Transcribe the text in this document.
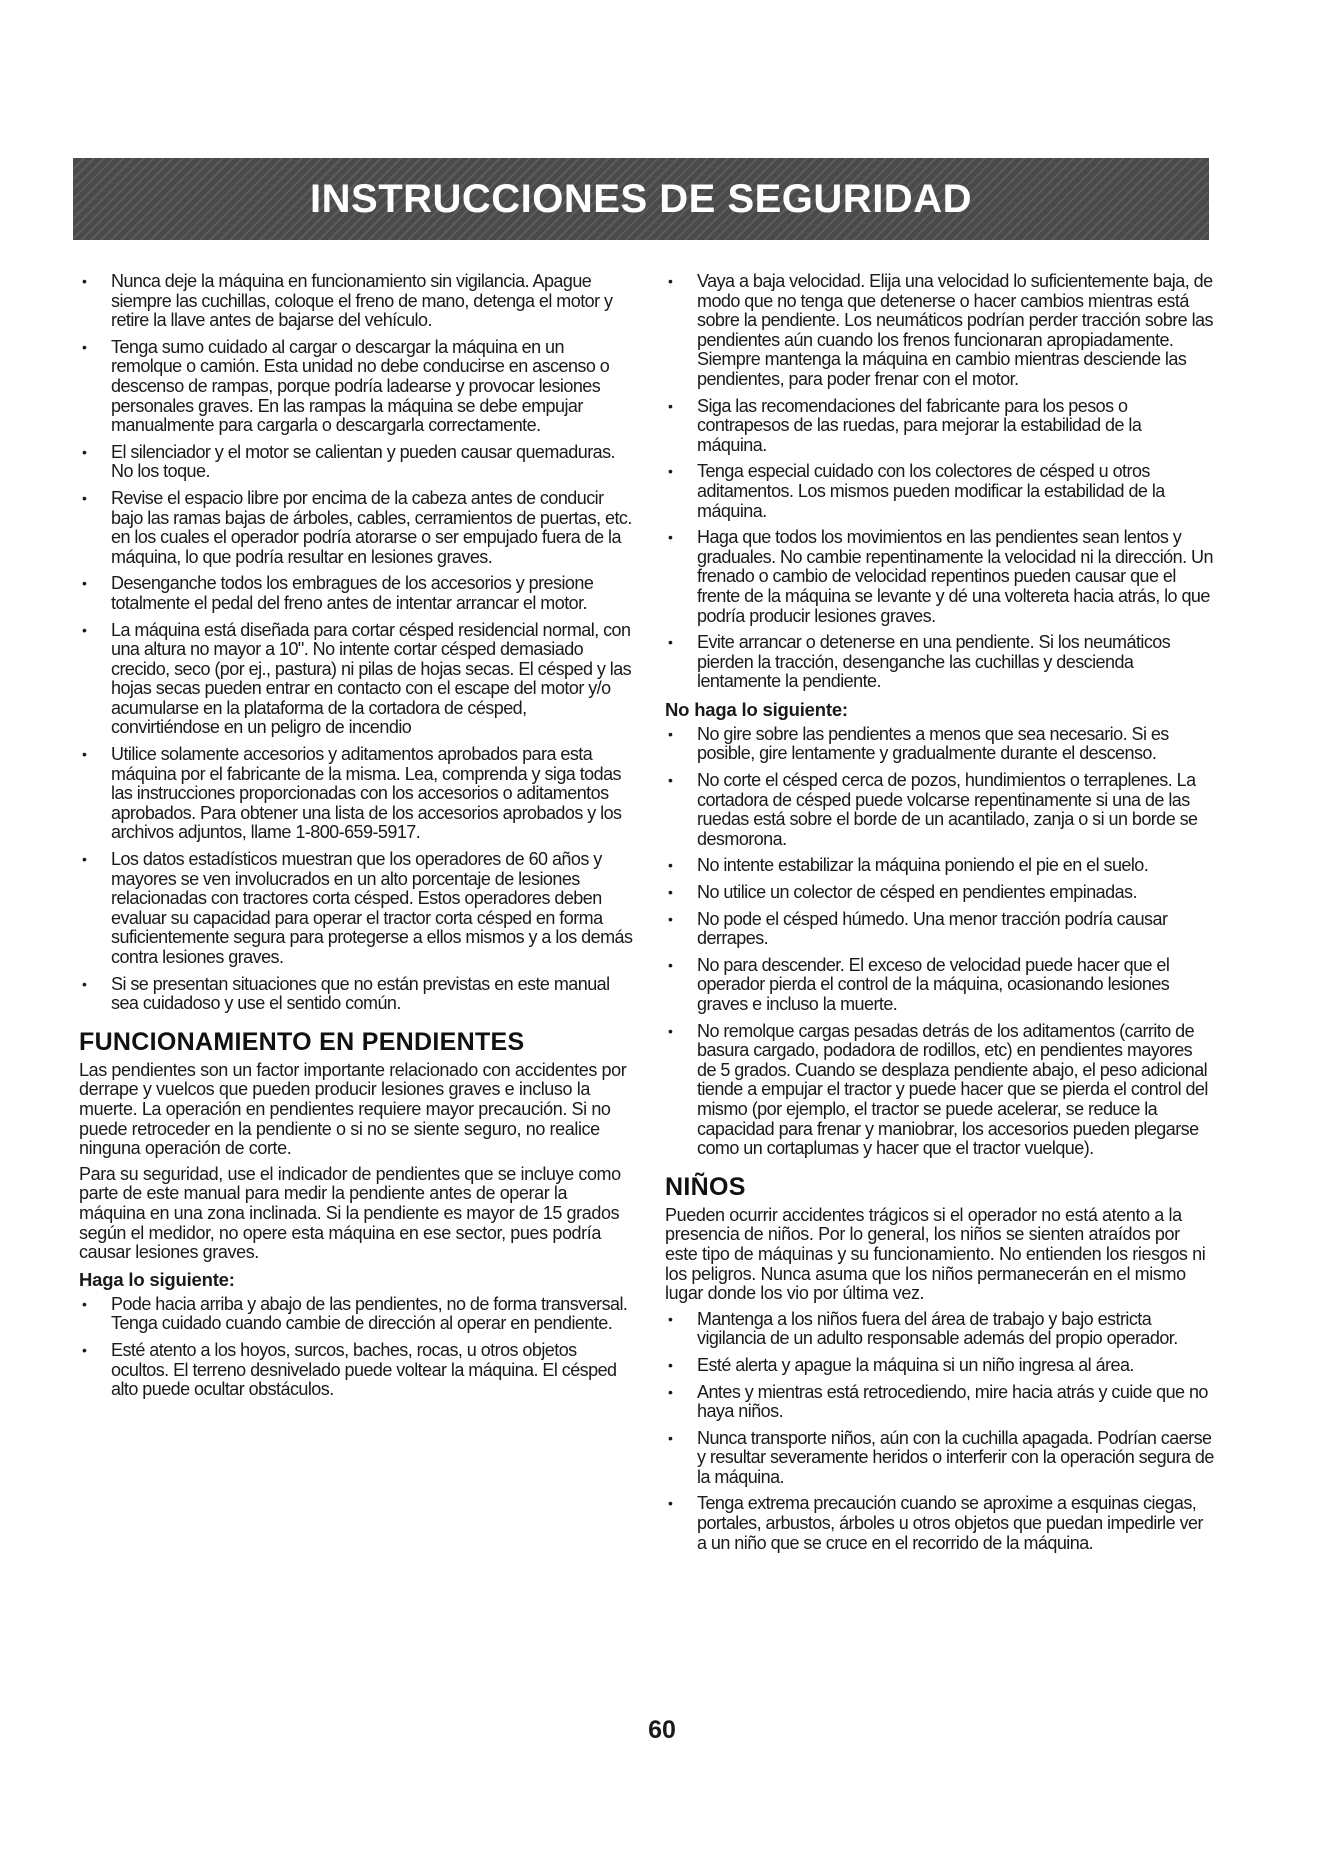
INSTRUCCIONES DE SEGURIDAD
• Nunca deje la máquina en funcionamiento sin vigilancia. Apague siempre las cuchillas, coloque el freno de mano, detenga el motor y retire la llave antes de bajarse del vehículo.
• Tenga sumo cuidado al cargar o descargar la máquina en un remolque o camión. Esta unidad no debe conducirse en ascenso o descenso de rampas, porque podría ladearse y provocar lesiones personales graves. En las rampas la máquina se debe empujar manualmente para cargarla o descargarla correctamente.
• El silenciador y el motor se calientan y pueden causar quemaduras. No los toque.
• Revise el espacio libre por encima de la cabeza antes de conducir bajo las ramas bajas de árboles, cables, cerramientos de puertas, etc. en los cuales el operador podría atorarse o ser empujado fuera de la máquina, lo que podría resultar en lesiones graves.
• Desenganche todos los embragues de los accesorios y presione totalmente el pedal del freno antes de intentar arrancar el motor.
• La máquina está diseñada para cortar césped residencial normal, con una altura no mayor a 10". No intente cortar césped demasiado crecido, seco (por ej., pastura) ni pilas de hojas secas. El césped y las hojas secas pueden entrar en contacto con el escape del motor y/o acumularse en la plataforma de la cortadora de césped, convirtiéndose en un peligro de incendio
• Utilice solamente accesorios y aditamentos aprobados para esta máquina por el fabricante de la misma. Lea, comprenda y siga todas las instrucciones proporcionadas con los accesorios o aditamentos aprobados. Para obtener una lista de los accesorios aprobados y los archivos adjuntos, llame 1-800-659-5917.
• Los datos estadísticos muestran que los operadores de 60 años y mayores se ven involucrados en un alto porcentaje de lesiones relacionadas con tractores corta césped. Estos operadores deben evaluar su capacidad para operar el tractor corta césped en forma suficientemente segura para protegerse a ellos mismos y a los demás contra lesiones graves.
• Si se presentan situaciones que no están previstas en este manual sea cuidadoso y use el sentido común.
FUNCIONAMIENTO EN PENDIENTES

Las pendientes son un factor importante relacionado con accidentes por derrape y vuelcos que pueden producir lesiones graves e incluso la muerte. La operación en pendientes requiere mayor precaución. Si no puede retroceder en la pendiente o si no se siente seguro, no realice ninguna operación de corte.

Para su seguridad, use el indicador de pendientes que se incluye como parte de este manual para medir la pendiente antes de operar la máquina en una zona inclinada. Si la pendiente es mayor de 15 grados según el medidor, no opere esta máquina en ese sector, pues podría causar lesiones graves.

Haga lo siguiente:
• Pode hacia arriba y abajo de las pendientes, no de forma transversal. Tenga cuidado cuando cambie de dirección al operar en pendiente.
• Esté atento a los hoyos, surcos, baches, rocas, u otros objetos ocultos. El terreno desnivelado puede voltear la máquina. El césped alto puede ocultar obstáculos.
• Vaya a baja velocidad. Elija una velocidad lo suficientemente baja, de modo que no tenga que detenerse o hacer cambios mientras está sobre la pendiente. Los neumáticos podrían perder tracción sobre las pendientes aún cuando los frenos funcionaran apropiadamente. Siempre mantenga la máquina en cambio mientras desciende las pendientes, para poder frenar con el motor.
• Siga las recomendaciones del fabricante para los pesos o contrapesos de las ruedas, para mejorar la estabilidad de la máquina.
• Tenga especial cuidado con los colectores de césped u otros aditamentos. Los mismos pueden modificar la estabilidad de la máquina.
• Haga que todos los movimientos en las pendientes sean lentos y graduales. No cambie repentinamente la velocidad ni la dirección. Un frenado o cambio de velocidad repentinos pueden causar que el frente de la máquina se levante y dé una voltereta hacia atrás, lo que podría producir lesiones graves.
• Evite arrancar o detenerse en una pendiente. Si los neumáticos pierden la tracción, desenganche las cuchillas y descienda lentamente la pendiente.
No haga lo siguiente:
• No gire sobre las pendientes a menos que sea necesario. Si es posible, gire lentamente y gradualmente durante el descenso.
• No corte el césped cerca de pozos, hundimientos o terraplenes. La cortadora de césped puede volcarse repentinamente si una de las ruedas está sobre el borde de un acantilado, zanja o si un borde se desmorona.
• No intente estabilizar la máquina poniendo el pie en el suelo.
• No utilice un colector de césped en pendientes empinadas.
• No pode el césped húmedo. Una menor tracción podría causar derrapes.
• No para descender. El exceso de velocidad puede hacer que el operador pierda el control de la máquina, ocasionando lesiones graves e incluso la muerte.
• No remolque cargas pesadas detrás de los aditamentos (carrito de basura cargado, podadora de rodillos, etc) en pendientes mayores de 5 grados. Cuando se desplaza pendiente abajo, el peso adicional tiende a empujar el tractor y puede hacer que se pierda el control del mismo (por ejemplo, el tractor se puede acelerar, se reduce la capacidad para frenar y maniobrar, los accesorios pueden plegarse como un cortaplumas y hacer que el tractor vuelque).
NIÑOS

Pueden ocurrir accidentes trágicos si el operador no está atento a la presencia de niños. Por lo general, los niños se sienten atraídos por este tipo de máquinas y su funcionamiento. No entienden los riesgos ni los peligros. Nunca asuma que los niños permanecerán en el mismo lugar donde los vio por última vez.

• Mantenga a los niños fuera del área de trabajo y bajo estricta vigilancia de un adulto responsable además del propio operador.
• Esté alerta y apague la máquina si un niño ingresa al área.
• Antes y mientras está retrocediendo, mire hacia atrás y cuide que no haya niños.
• Nunca transporte niños, aún con la cuchilla apagada. Podrían caerse y resultar severamente heridos o interferir con la operación segura de la máquina.
• Tenga extrema precaución cuando se aproxime a esquinas ciegas, portales, arbustos, árboles u otros objetos que puedan impedirle ver a un niño que se cruce en el recorrido de la máquina.
60
